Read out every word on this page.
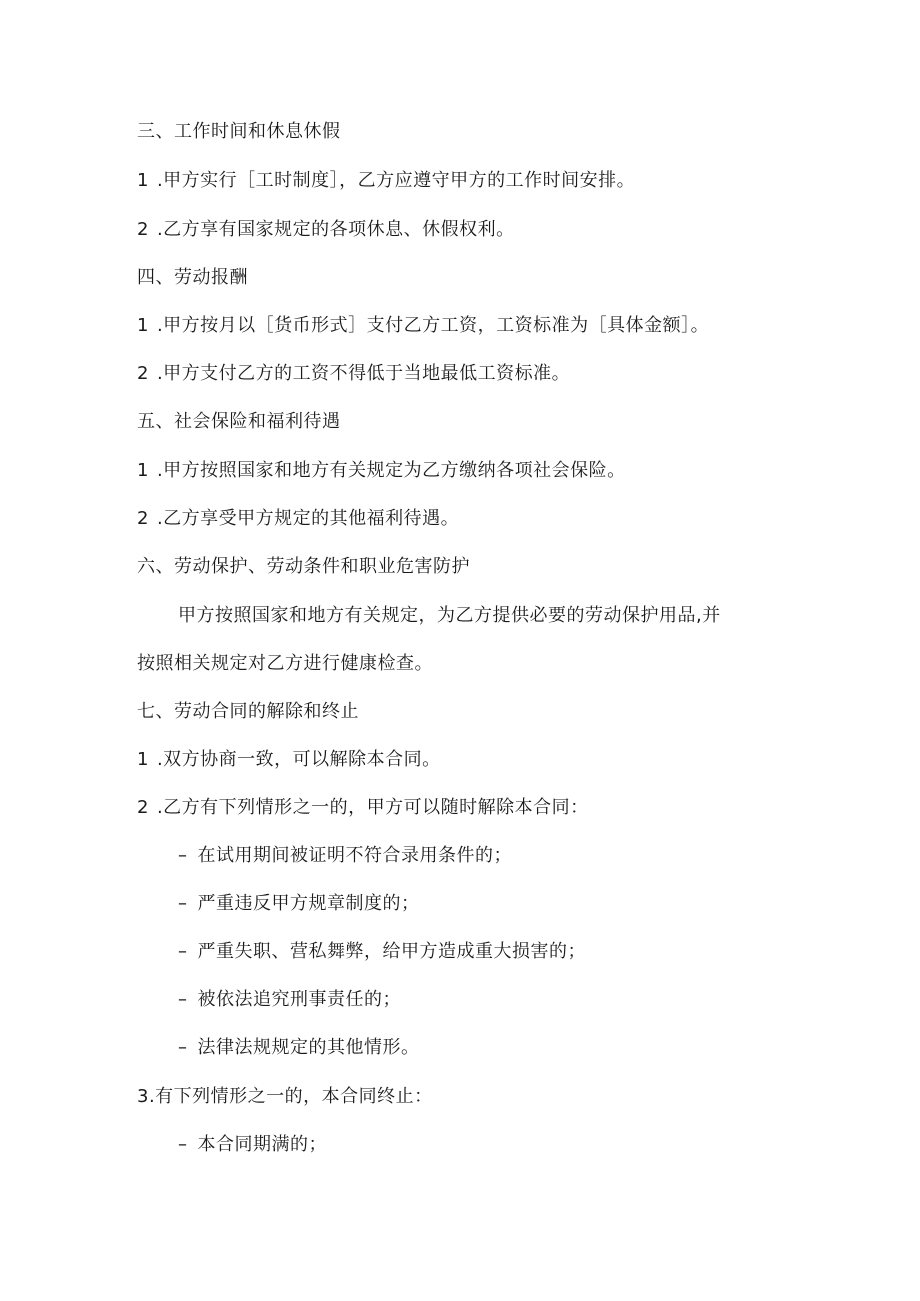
三、工作时间和休息休假
1 .甲方实行［工时制度］，乙方应遵守甲方的工作时间安排。
2 .乙方享有国家规定的各项休息、休假权利。
四、劳动报酬
1 .甲方按月以［货币形式］支付乙方工资，工资标准为［具体金额］。
2 .甲方支付乙方的工资不得低于当地最低工资标准。
五、社会保险和福利待遇
1 .甲方按照国家和地方有关规定为乙方缴纳各项社会保险。
2 .乙方享受甲方规定的其他福利待遇。
六、劳动保护、劳动条件和职业危害防护
甲方按照国家和地方有关规定，为乙方提供必要的劳动保护用品,并
按照相关规定对乙方进行健康检查。
七、劳动合同的解除和终止
1 .双方协商一致，可以解除本合同。
2 .乙方有下列情形之一的，甲方可以随时解除本合同：
– 在试用期间被证明不符合录用条件的；
– 严重违反甲方规章制度的；
– 严重失职、营私舞弊，给甲方造成重大损害的；
– 被依法追究刑事责任的；
– 法律法规规定的其他情形。
3.有下列情形之一的，本合同终止：
– 本合同期满的；
